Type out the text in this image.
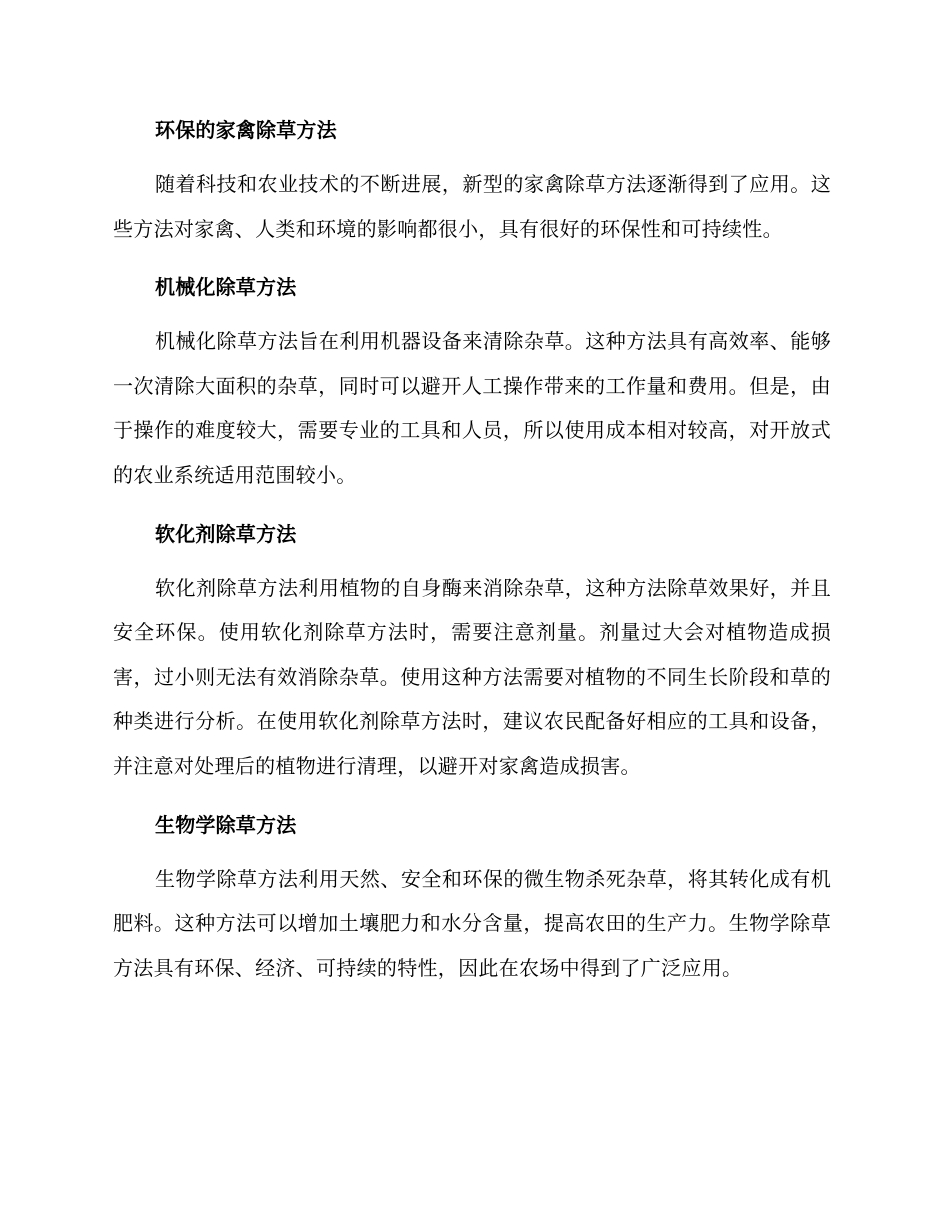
环保的家禽除草方法

随着科技和农业技术的不断进展，新型的家禽除草方法逐渐得到了应用。这些方法对家禽、人类和环境的影响都很小，具有很好的环保性和可持续性。

机械化除草方法

机械化除草方法旨在利用机器设备来清除杂草。这种方法具有高效率、能够一次清除大面积的杂草，同时可以避开人工操作带来的工作量和费用。但是，由于操作的难度较大，需要专业的工具和人员，所以使用成本相对较高，对开放式的农业系统适用范围较小。

软化剂除草方法

软化剂除草方法利用植物的自身酶来消除杂草，这种方法除草效果好，并且安全环保。使用软化剂除草方法时，需要注意剂量。剂量过大会对植物造成损害，过小则无法有效消除杂草。使用这种方法需要对植物的不同生长阶段和草的种类进行分析。在使用软化剂除草方法时，建议农民配备好相应的工具和设备，并注意对处理后的植物进行清理，以避开对家禽造成损害。

生物学除草方法

生物学除草方法利用天然、安全和环保的微生物杀死杂草，将其转化成有机肥料。这种方法可以增加土壤肥力和水分含量，提高农田的生产力。生物学除草方法具有环保、经济、可持续的特性，因此在农场中得到了广泛应用。
